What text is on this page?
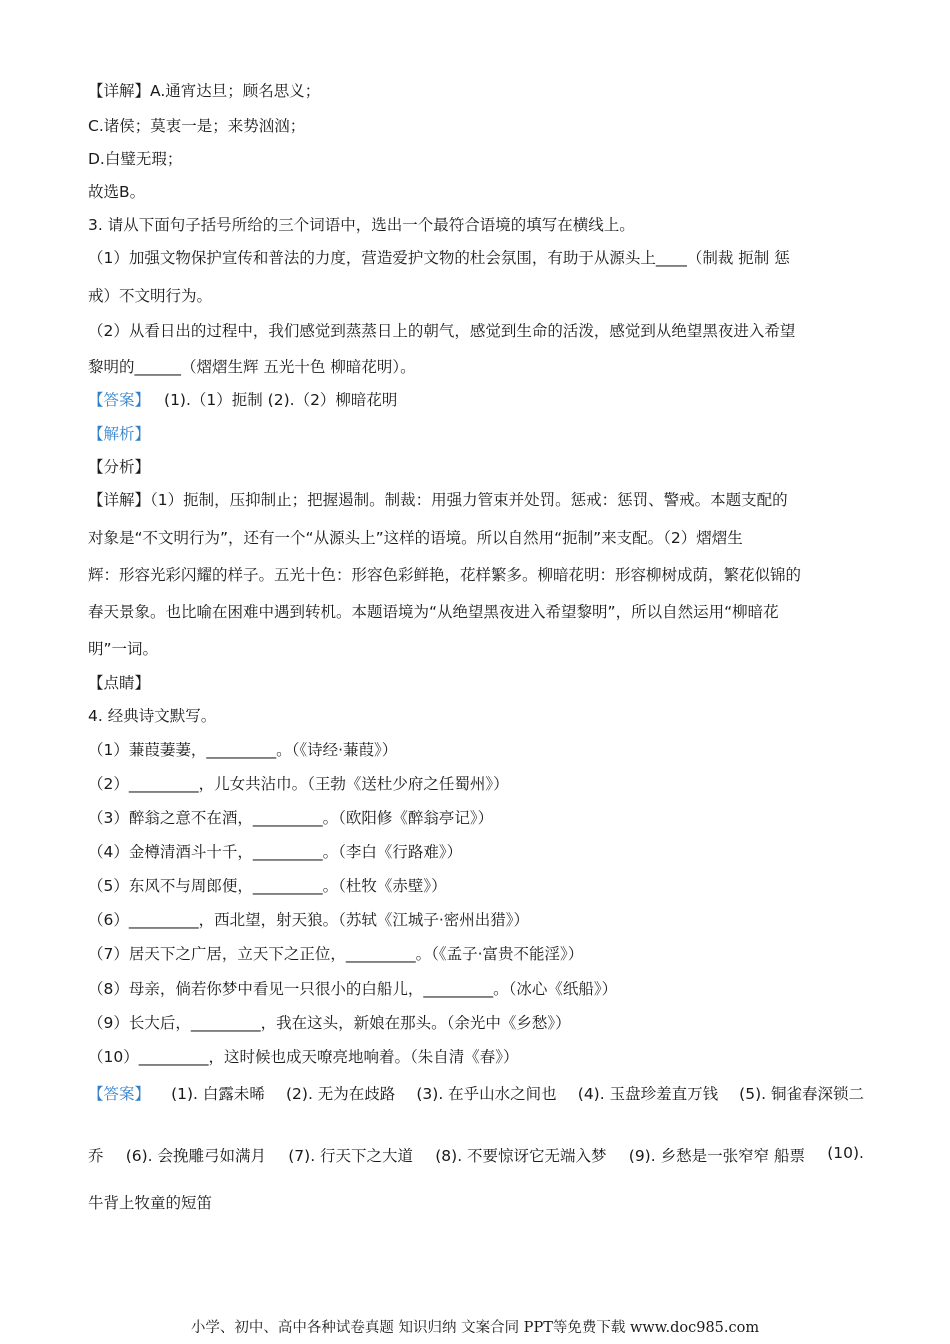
【详解】A.通宵达旦；顾名思义；

C.诸侯；莫衷一是；来势汹汹；

D.白璧无瑕；

故选B。

3. 请从下面句子括号所给的三个词语中，选出一个最符合语境的填写在横线上。

（1）加强文物保护宣传和普法的力度，营造爱护文物的杜会氛围，有助于从源头上____（制裁 扼制 惩

戒）不文明行为。

（2）从看日出的过程中，我们感觉到蒸蒸日上的朝气，感觉到生命的活泼，感觉到从绝望黑夜进入希望

黎明的______（熠熠生辉 五光十色 柳暗花明）。

【答案】 (1).（1）扼制 (2).（2）柳暗花明

【解析】

【分析】

【详解】（1）扼制，压抑制止；把握遏制。制裁：用强力管束并处罚。惩戒：惩罚、警戒。本题支配的

对象是“不文明行为”，还有一个“从源头上”这样的语境。所以自然用“扼制”来支配。（2）熠熠生

辉：形容光彩闪耀的样子。五光十色：形容色彩鲜艳，花样繁多。柳暗花明：形容柳树成荫，繁花似锦的

春天景象。也比喻在困难中遇到转机。本题语境为“从绝望黑夜进入希望黎明”，所以自然运用“柳暗花

明”一词。

【点睛】

4. 经典诗文默写。

（1）蒹葭萋萋，_________。（《诗经·蒹葭》）

（2）_________，儿女共沾巾。（王勃《送杜少府之任蜀州》）

（3）醉翁之意不在酒，_________。（欧阳修《醉翁亭记》）

（4）金樽清酒斗十千，_________。（李白《行路难》）

（5）东风不与周郎便，_________。（杜牧《赤壁》）

（6）_________，西北望，射天狼。（苏轼《江城子·密州出猎》）

（7）居天下之广居，立天下之正位，_________。（《孟子·富贵不能淫》）

（8）母亲，倘若你梦中看见一只很小的白船儿，_________。（冰心《纸船》）

（9）长大后，_________，我在这头，新娘在那头。（余光中《乡愁》）

（10）_________，这时候也成天嘹亮地响着。（朱自清《春》）

【答案】 (1). 白露未晞 (2). 无为在歧路 (3). 在乎山水之间也 (4). 玉盘珍羞直万钱 (5). 铜雀春深锁二
乔 (6). 会挽雕弓如满月 (7). 行天下之大道 (8). 不要惊讶它无端入梦 (9). 乡愁是一张窄窄 船票 (10).

牛背上牧童的短笛

小学、初中、高中各种试卷真题 知识归纳 文案合同 PPT等免费下载 www.doc985.com
